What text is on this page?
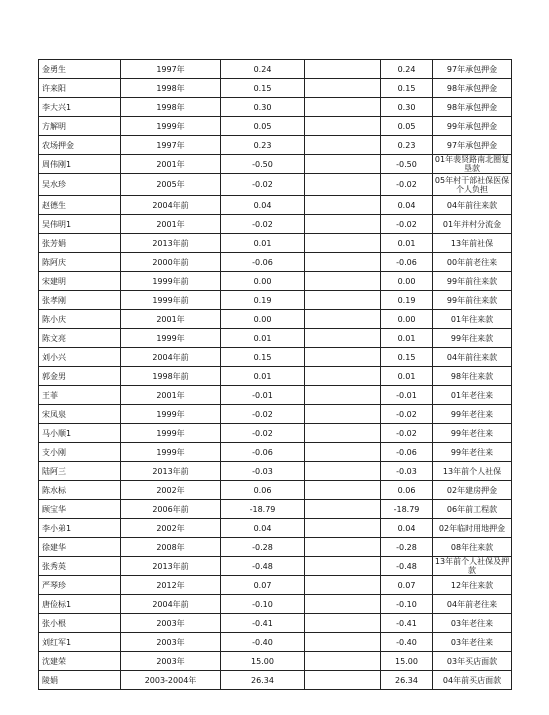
金勇生	1997年	0.24		0.24	97年承包押金
许来阳	1998年	0.15		0.15	98年承包押金
李大兴1	1998年	0.30		0.30	98年承包押金
方解明	1999年	0.05		0.05	99年承包押金
农场押金	1997年	0.23		0.23	97年承包押金
周伟刚1	2001年	-0.50		-0.50	01年裴贤路南北圈复垦款
吴水珍	2005年	-0.02		-0.02	05年村干部社保医保个人负担
赵德生	2004年前	0.04		0.04	04年前往来款
吴伟明1	2001年	-0.02		-0.02	01年并村分流金
张芳娟	2013年前	0.01		0.01	13年前社保
陈阿庆	2000年前	-0.06		-0.06	00年前老往来
宋建明	1999年前	0.00		0.00	99年前往来款
张孝刚	1999年前	0.19		0.19	99年前往来款
陈小庆	2001年	0.00		0.00	01年往来款
陈文亮	1999年	0.01		0.01	99年往来款
刘小兴	2004年前	0.15		0.15	04年前往来款
郭金男	1998年前	0.01		0.01	98年往来款
王菲	2001年	-0.01		-0.01	01年老往来
宋凤泉	1999年	-0.02		-0.02	99年老往来
马小顺1	1999年	-0.02		-0.02	99年老往来
支小刚	1999年	-0.06		-0.06	99年老往来
陆阿三	2013年前	-0.03		-0.03	13年前个人社保
陈水标	2002年	0.06		0.06	02年建房押金
顾宝华	2006年前	-18.79		-18.79	06年前工程款
李小弟1	2002年	0.04		0.04	02年临时用地押金
徐建华	2008年	-0.28		-0.28	08年往来款
张秀英	2013年前	-0.48		-0.48	13年前个人社保及押款
严琴珍	2012年	0.07		0.07	12年往来款
唐俭标1	2004年前	-0.10		-0.10	04年前老往来
张小根	2003年	-0.41		-0.41	03年老往来
刘红军1	2003年	-0.40		-0.40	03年老往来
沈建荣	2003年	15.00		15.00	03年买店面款
陵娟	2003-2004年	26.34		26.34	04年前买店面款
